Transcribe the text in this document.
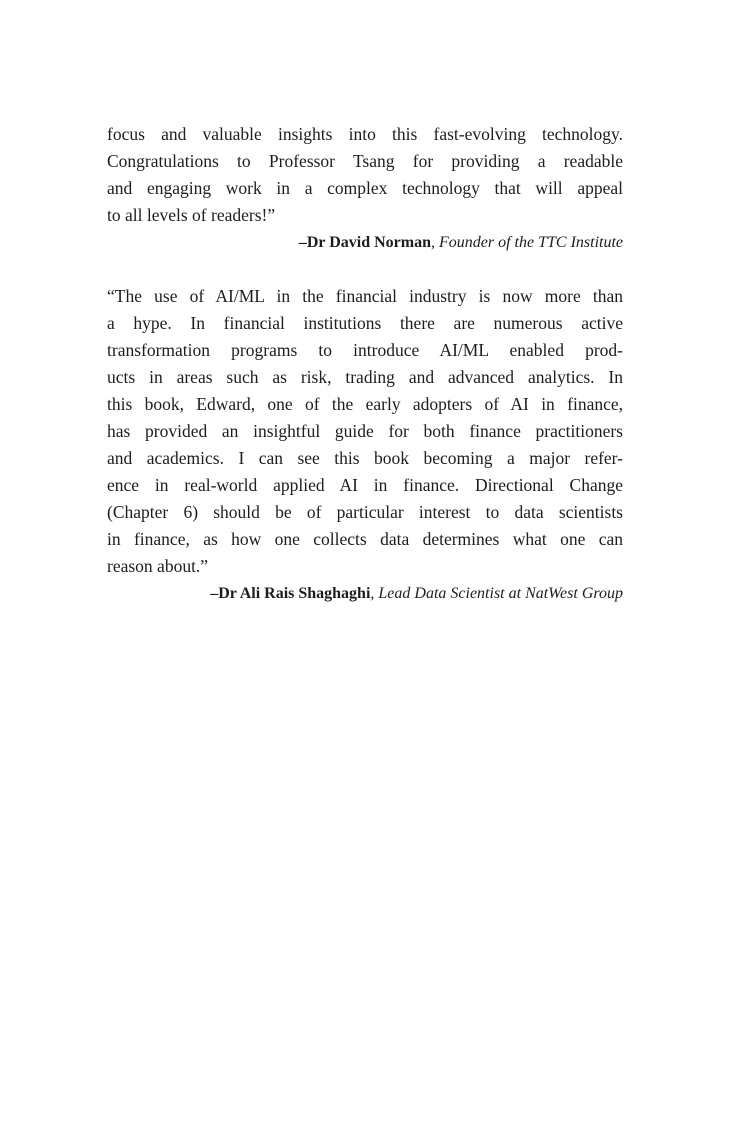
focus and valuable insights into this fast-evolving technology.
Congratulations to Professor Tsang for providing a readable
and engaging work in a complex technology that will appeal
to all levels of readers!”
–Dr David Norman, Founder of the TTC Institute
“The use of AI/ML in the financial industry is now more than
a hype. In financial institutions there are numerous active
transformation programs to introduce AI/ML enabled prod-
ucts in areas such as risk, trading and advanced analytics. In
this book, Edward, one of the early adopters of AI in finance,
has provided an insightful guide for both finance practitioners
and academics. I can see this book becoming a major refer-
ence in real-world applied AI in finance. Directional Change
(Chapter 6) should be of particular interest to data scientists
in finance, as how one collects data determines what one can
reason about.”
–Dr Ali Rais Shaghaghi, Lead Data Scientist at NatWest Group
